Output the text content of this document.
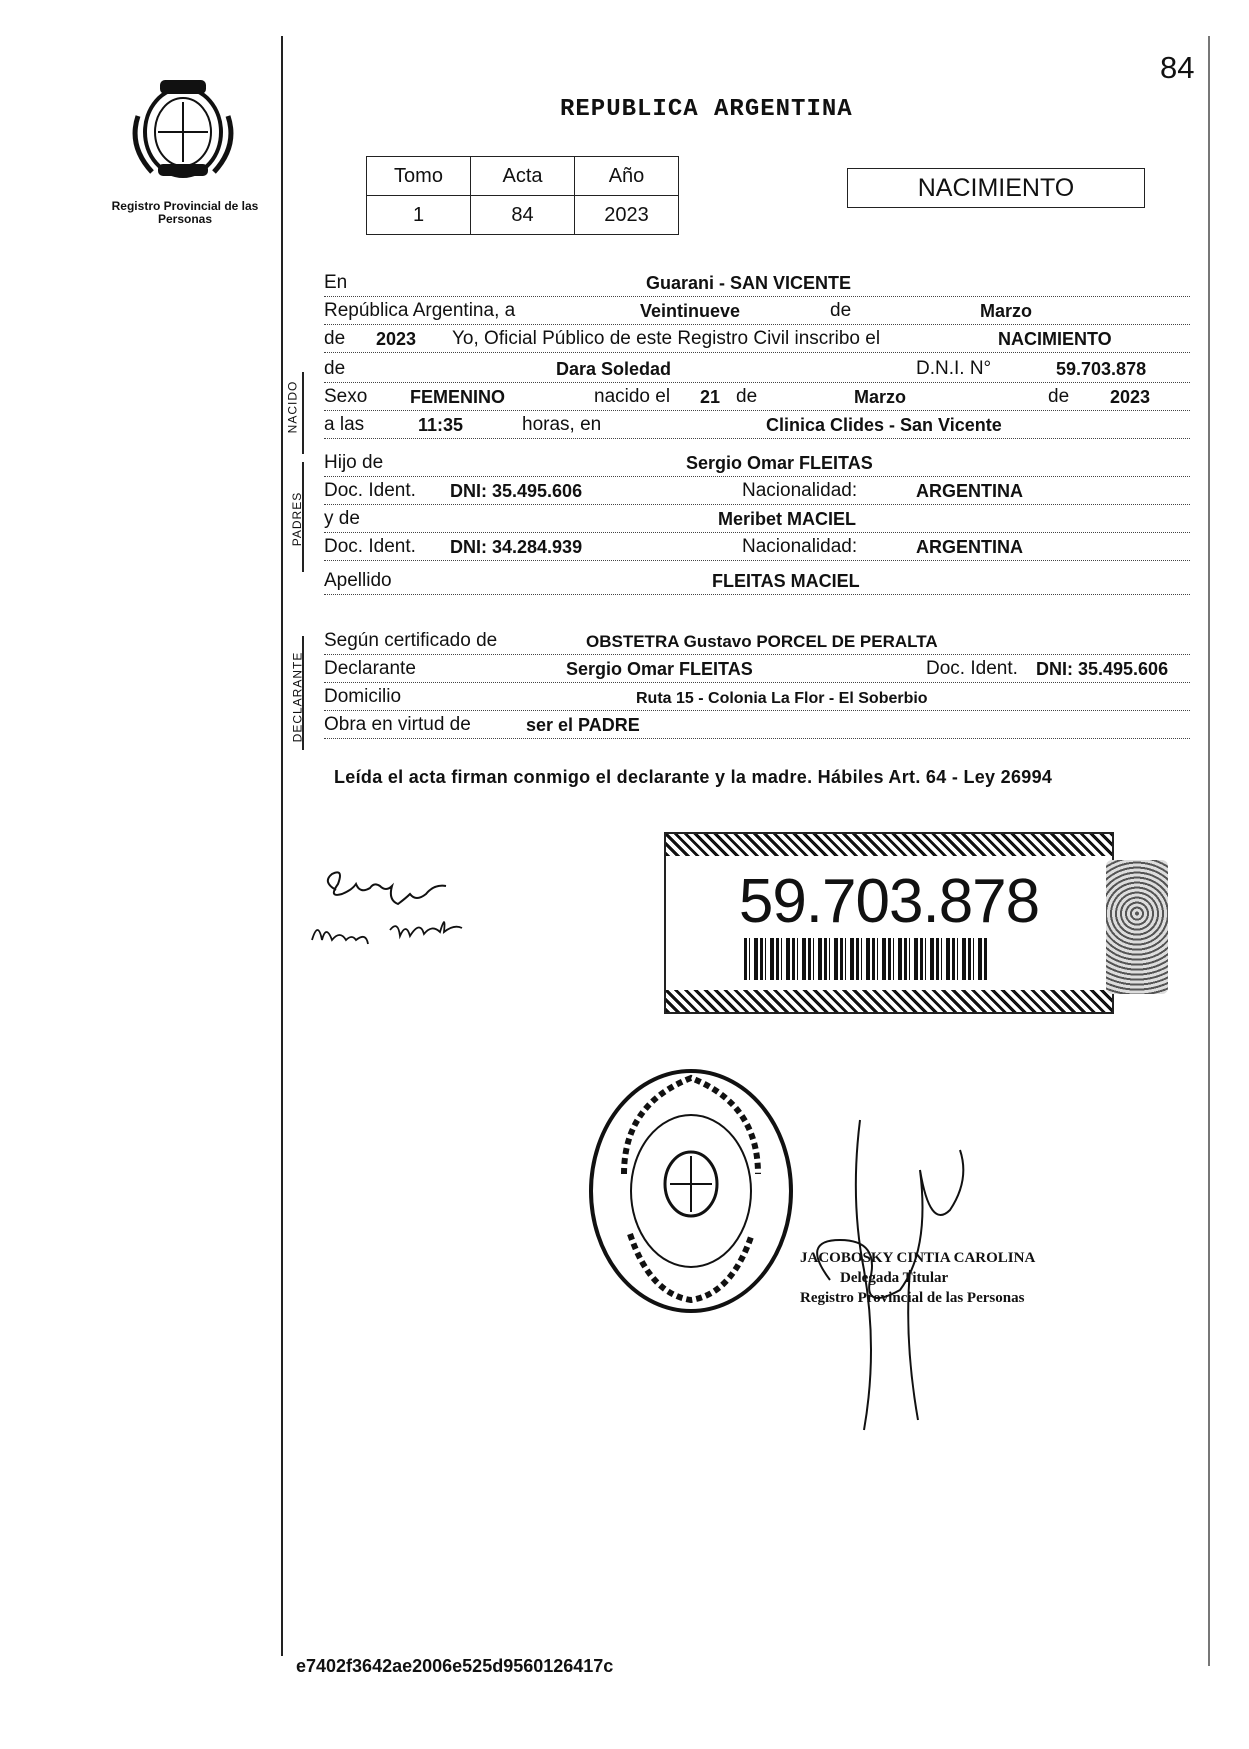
84
REPUBLICA ARGENTINA
Registro Provincial de las Personas
Tomo	Acta	Año
1	84	2023
NACIMIENTO
En	Guarani - SAN VICENTE
República Argentina, a	Veintinueve	de	Marzo
de 2023 Yo, Oficial Público de este Registro Civil inscribo el	NACIMIENTO
NACIDO
de	Dara Soledad	D.N.I. N°	59.703.878
Sexo FEMENINO	nacido el 21 de	Marzo	de 2023
a las	11:35	horas, en	Clinica Clides - San Vicente
PADRES
Hijo de	Sergio Omar FLEITAS
Doc. Ident. DNI: 35.495.606	Nacionalidad:	ARGENTINA
y de	Meribet MACIEL
Doc. Ident. DNI: 34.284.939	Nacionalidad:	ARGENTINA
Apellido	FLEITAS MACIEL
DECLARANTE
Según certificado de	OBSTETRA Gustavo PORCEL DE PERALTA
Declarante	Sergio Omar FLEITAS	Doc. Ident. DNI: 35.495.606
Domicilio	Ruta 15 - Colonia La Flor - El Soberbio
Obra en virtud de	ser el PADRE
Leída el acta firman conmigo el declarante y la madre. Hábiles Art. 64 - Ley 26994
59.703.878
JACOBOSKY CINTIA CAROLINA
Delegada Titular
Registro Provincial de las Personas
e7402f3642ae2006e525d9560126417c
